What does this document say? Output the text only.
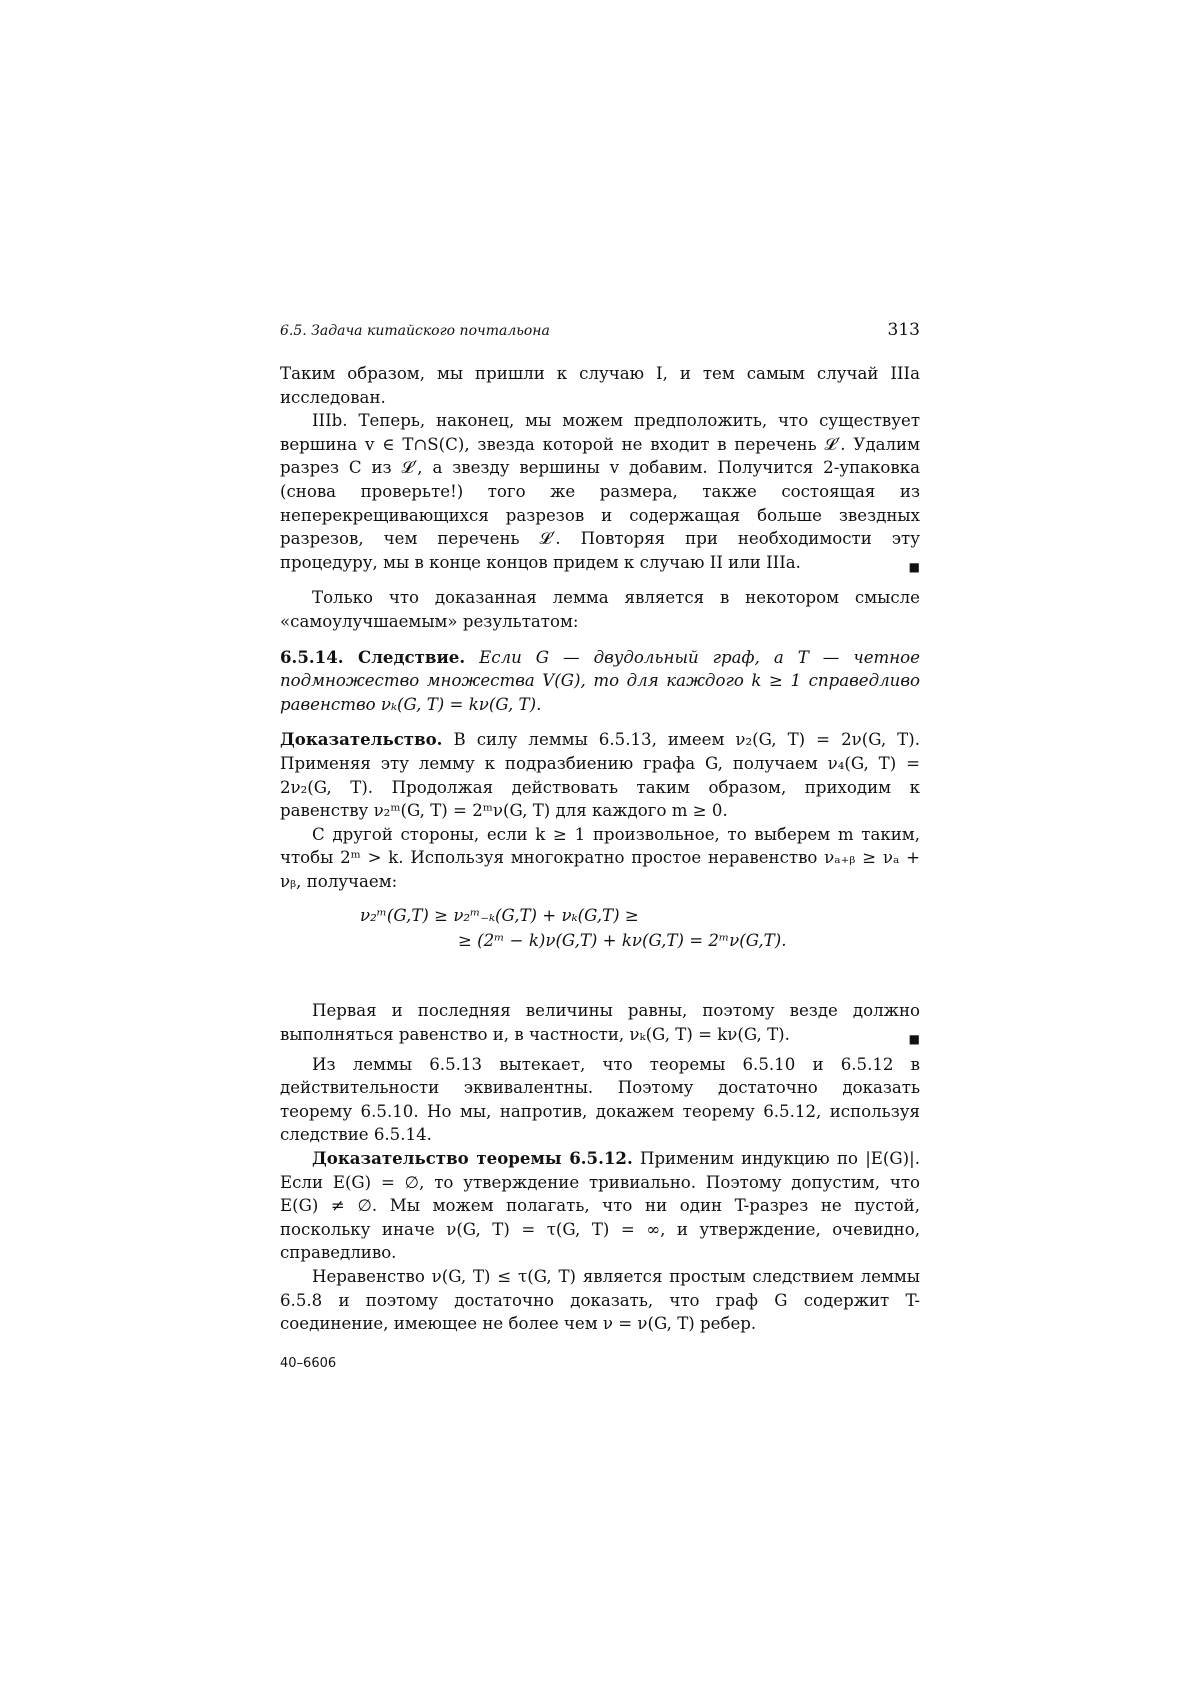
6.5. Задача китайского почтальона	313

Таким образом, мы пришли к случаю I, и тем самым случай IIIa исследован.

IIIb. Теперь, наконец, мы можем предположить, что существует вершина v ∈ T∩S(C), звезда которой не входит в перечень 𝓛′. Удалим разрез C из 𝓛′, а звезду вершины v добавим. Получится 2-упаковка (снова проверьте!) того же размера, также состоящая из неперекрещивающихся разрезов и содержащая больше звездных разрезов, чем перечень 𝓛′. Повторяя при необходимости эту процедуру, мы в конце концов придем к случаю II или IIIa.	■

Только что доказанная лемма является в некотором смысле «самоулучшаемым» результатом:

6.5.14. Следствие. Если G — двудольный граф, а T — четное подмножество множества V(G), то для каждого k ≥ 1 справедливо равенство νₖ(G, T) = kν(G, T).

Доказательство. В силу леммы 6.5.13, имеем ν₂(G, T) = 2ν(G, T). Применяя эту лемму к подразбиению графа G, получаем ν₄(G, T) = 2ν₂(G, T). Продолжая действовать таким образом, приходим к равенству ν₂ᵐ(G, T) = 2ᵐν(G, T) для каждого m ≥ 0.

С другой стороны, если k ≥ 1 произвольное, то выберем m таким, чтобы 2ᵐ > k. Используя многократно простое неравенство νₐ₊ᵦ ≥ νₐ + νᵦ, получаем:

ν₂ᵐ(G,T) ≥ ν₂ᵐ₋ₖ(G,T) + νₖ(G,T) ≥
≥ (2ᵐ − k)ν(G,T) + kν(G,T) = 2ᵐν(G,T).

Первая и последняя величины равны, поэтому везде должно выполняться равенство и, в частности, νₖ(G, T) = kν(G, T).	■

Из леммы 6.5.13 вытекает, что теоремы 6.5.10 и 6.5.12 в действительности эквивалентны. Поэтому достаточно доказать теорему 6.5.10. Но мы, напротив, докажем теорему 6.5.12, используя следствие 6.5.14.

Доказательство теоремы 6.5.12. Применим индукцию по |E(G)|. Если E(G) = ∅, то утверждение тривиально. Поэтому допустим, что E(G) ≠ ∅. Мы можем полагать, что ни один T-разрез не пустой, поскольку иначе ν(G, T) = τ(G, T) = ∞, и утверждение, очевидно, справедливо.

Неравенство ν(G, T) ≤ τ(G, T) является простым следствием леммы 6.5.8 и поэтому достаточно доказать, что граф G содержит T-соединение, имеющее не более чем ν = ν(G, T) ребер.

40–6606
